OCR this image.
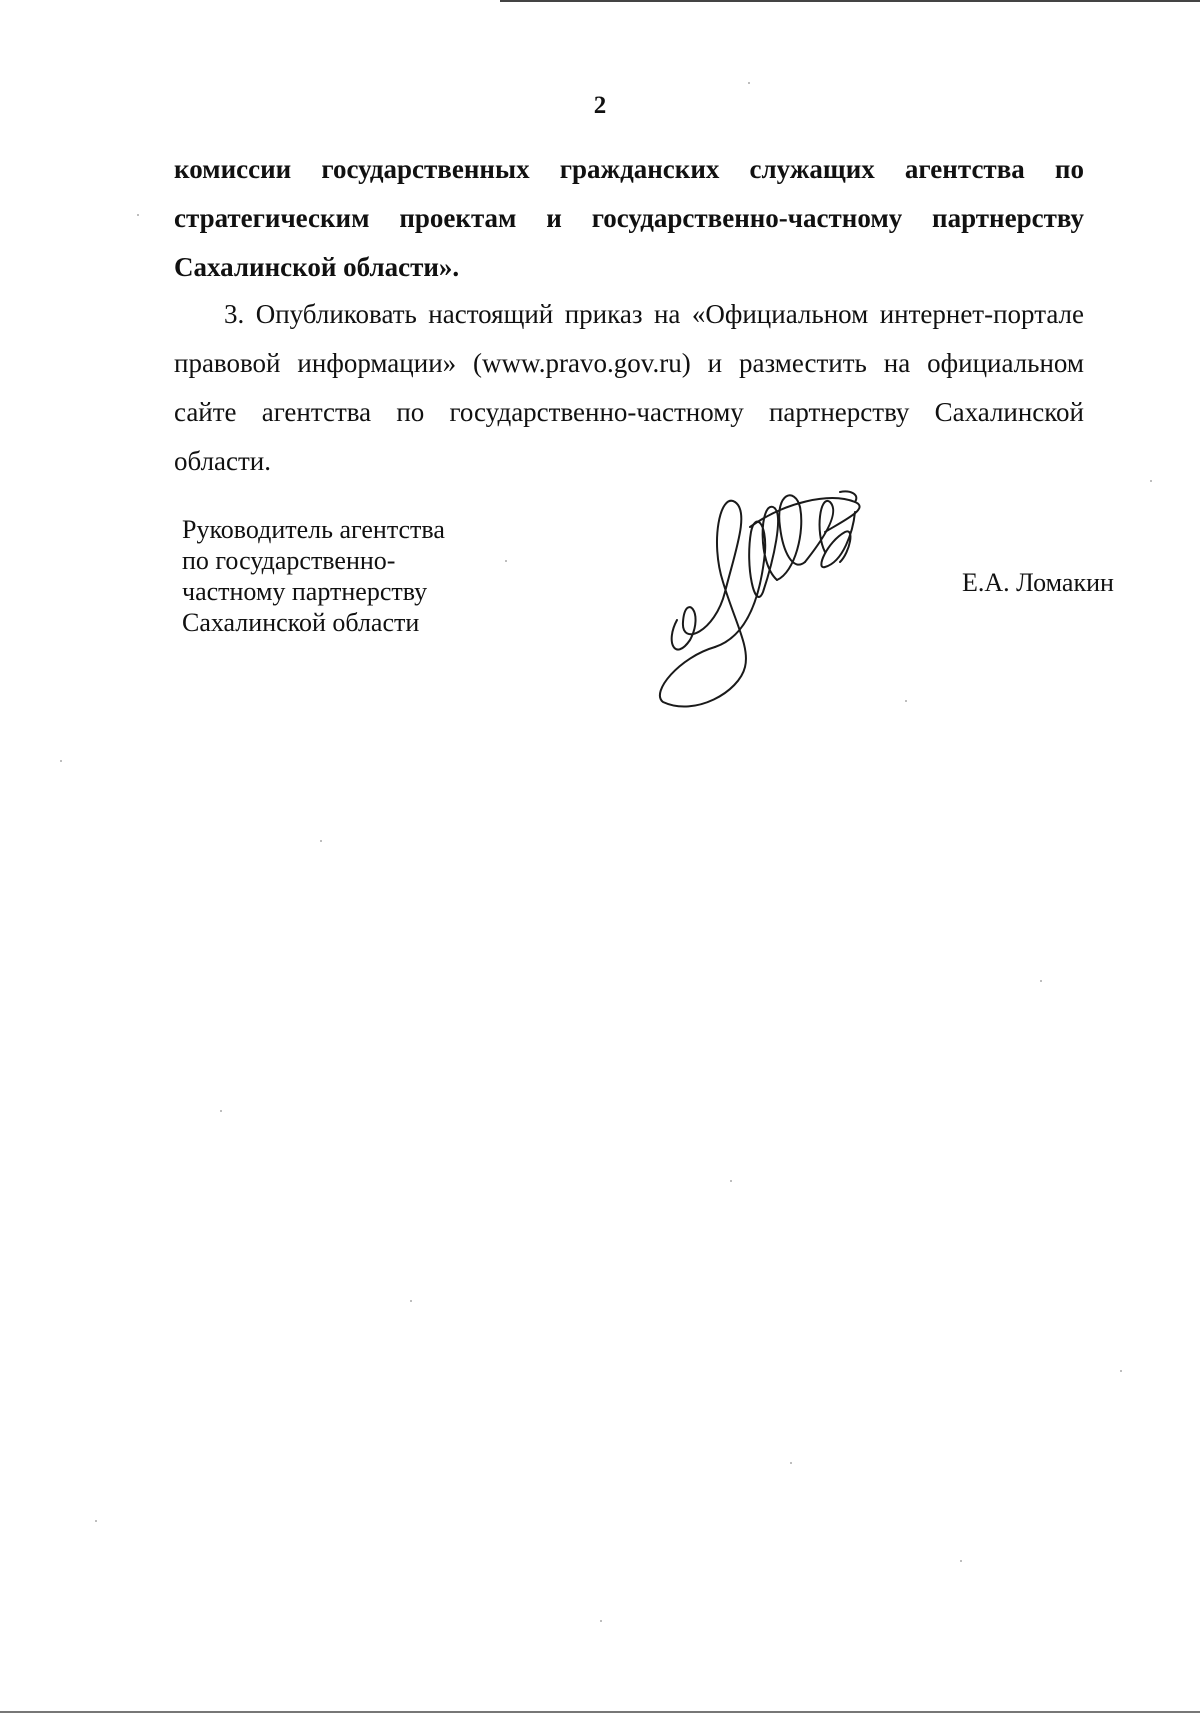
2
комиссии государственных гражданских служащих агентства по
стратегическим проектам и государственно-частному партнерству
Сахалинской области».
3. Опубликовать настоящий приказ на «Официальном интернет-портале
правовой информации» (www.pravo.gov.ru) и разместить на официальном
сайте агентства по государственно-частному партнерству Сахалинской
области.
Руководитель агентства
по государственно-
частному партнерству
Сахалинской области
Е.А. Ломакин
